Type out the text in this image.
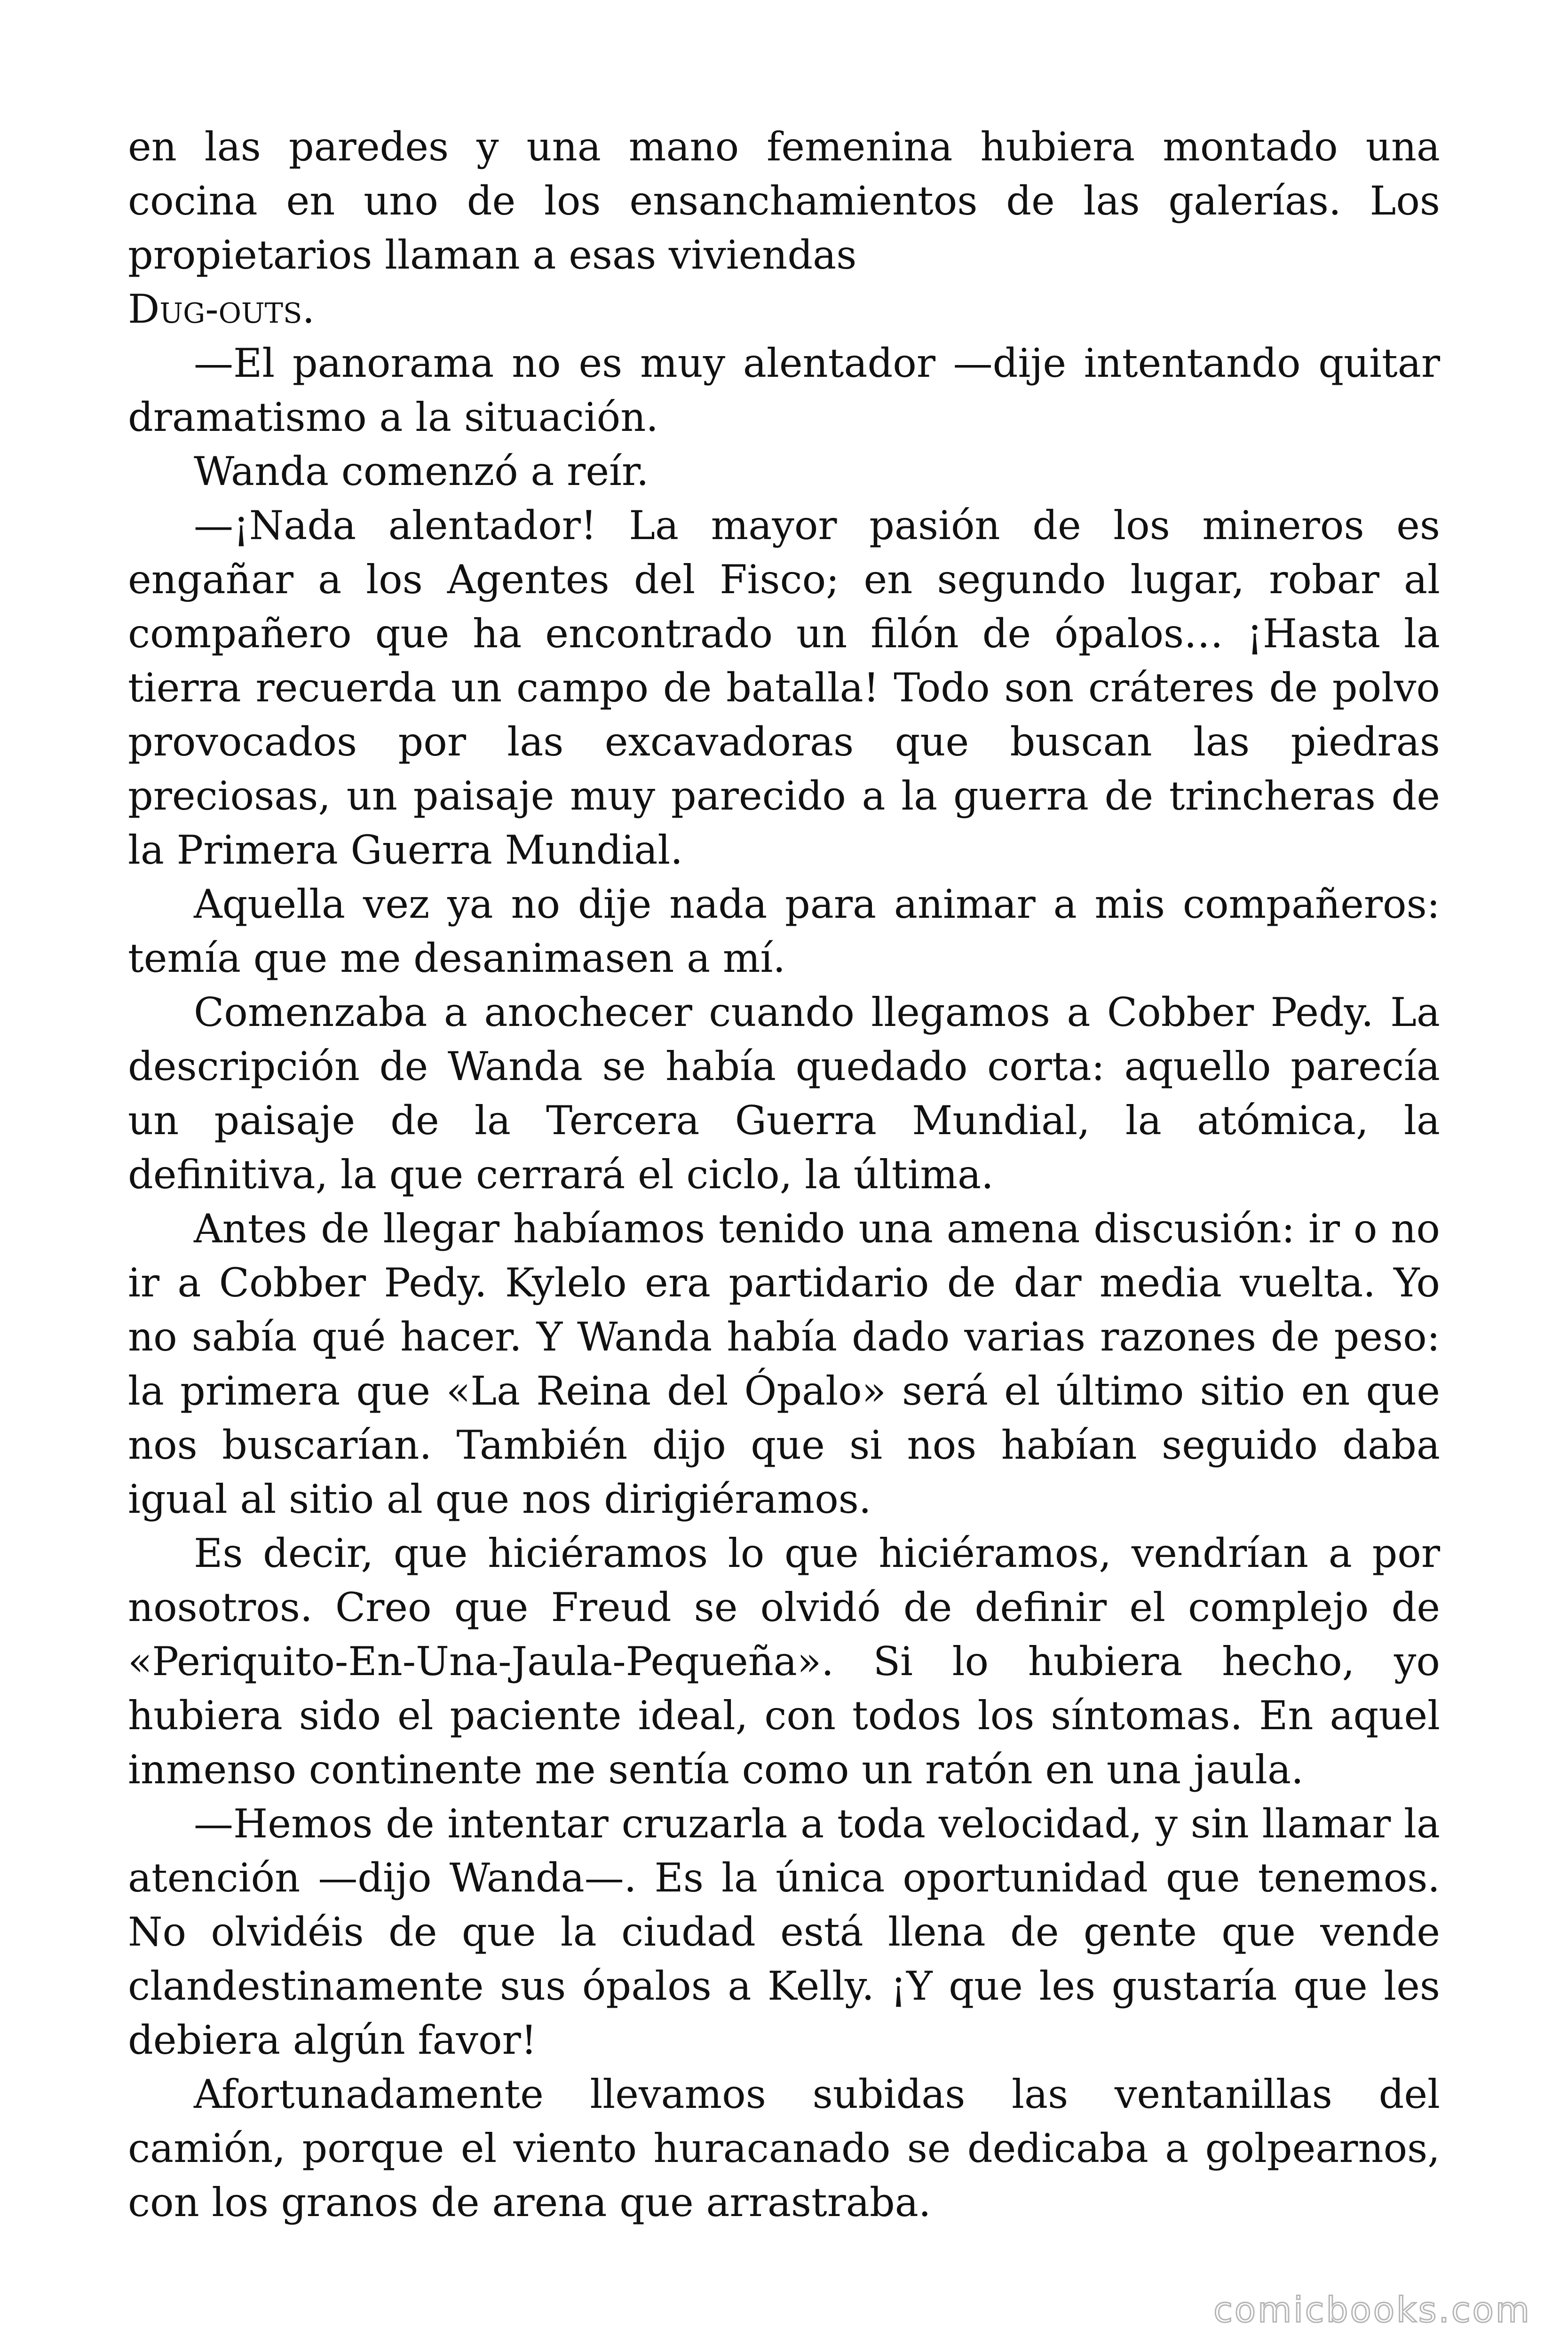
en las paredes y una mano femenina hubiera montado una cocina en uno de los ensanchamientos de las galerías. Los propietarios llaman a esas viviendas

Dug-outs.

—El panorama no es muy alentador —dije intentando quitar dramatismo a la situación.

Wanda comenzó a reír.

—¡Nada alentador! La mayor pasión de los mineros es engañar a los Agentes del Fisco; en segundo lugar, robar al compañero que ha encontrado un filón de ópalos… ¡Hasta la tierra recuerda un campo de batalla! Todo son cráteres de polvo provocados por las excavadoras que buscan las piedras preciosas, un paisaje muy parecido a la guerra de trincheras de la Primera Guerra Mundial.

Aquella vez ya no dije nada para animar a mis compañeros: temía que me desanimasen a mí.

Comenzaba a anochecer cuando llegamos a Cobber Pedy. La descripción de Wanda se había quedado corta: aquello parecía un paisaje de la Tercera Guerra Mundial, la atómica, la definitiva, la que cerrará el ciclo, la última.

Antes de llegar habíamos tenido una amena discusión: ir o no ir a Cobber Pedy. Kylelo era partidario de dar media vuelta. Yo no sabía qué hacer. Y Wanda había dado varias razones de peso: la primera que «La Reina del Ópalo» será el último sitio en que nos buscarían. También dijo que si nos habían seguido daba igual al sitio al que nos dirigiéramos.

Es decir, que hiciéramos lo que hiciéramos, vendrían a por nosotros. Creo que Freud se olvidó de definir el complejo de «Periquito-En-Una-Jaula-Pequeña». Si lo hubiera hecho, yo hubiera sido el paciente ideal, con todos los síntomas. En aquel inmenso continente me sentía como un ratón en una jaula.

—Hemos de intentar cruzarla a toda velocidad, y sin llamar la atención —dijo Wanda—. Es la única oportunidad que tenemos. No olvidéis de que la ciudad está llena de gente que vende clandestinamente sus ópalos a Kelly. ¡Y que les gustaría que les debiera algún favor!

Afortunadamente llevamos subidas las ventanillas del camión, porque el viento huracanado se dedicaba a golpearnos, con los granos de arena que arrastraba.

comicbooks.com
